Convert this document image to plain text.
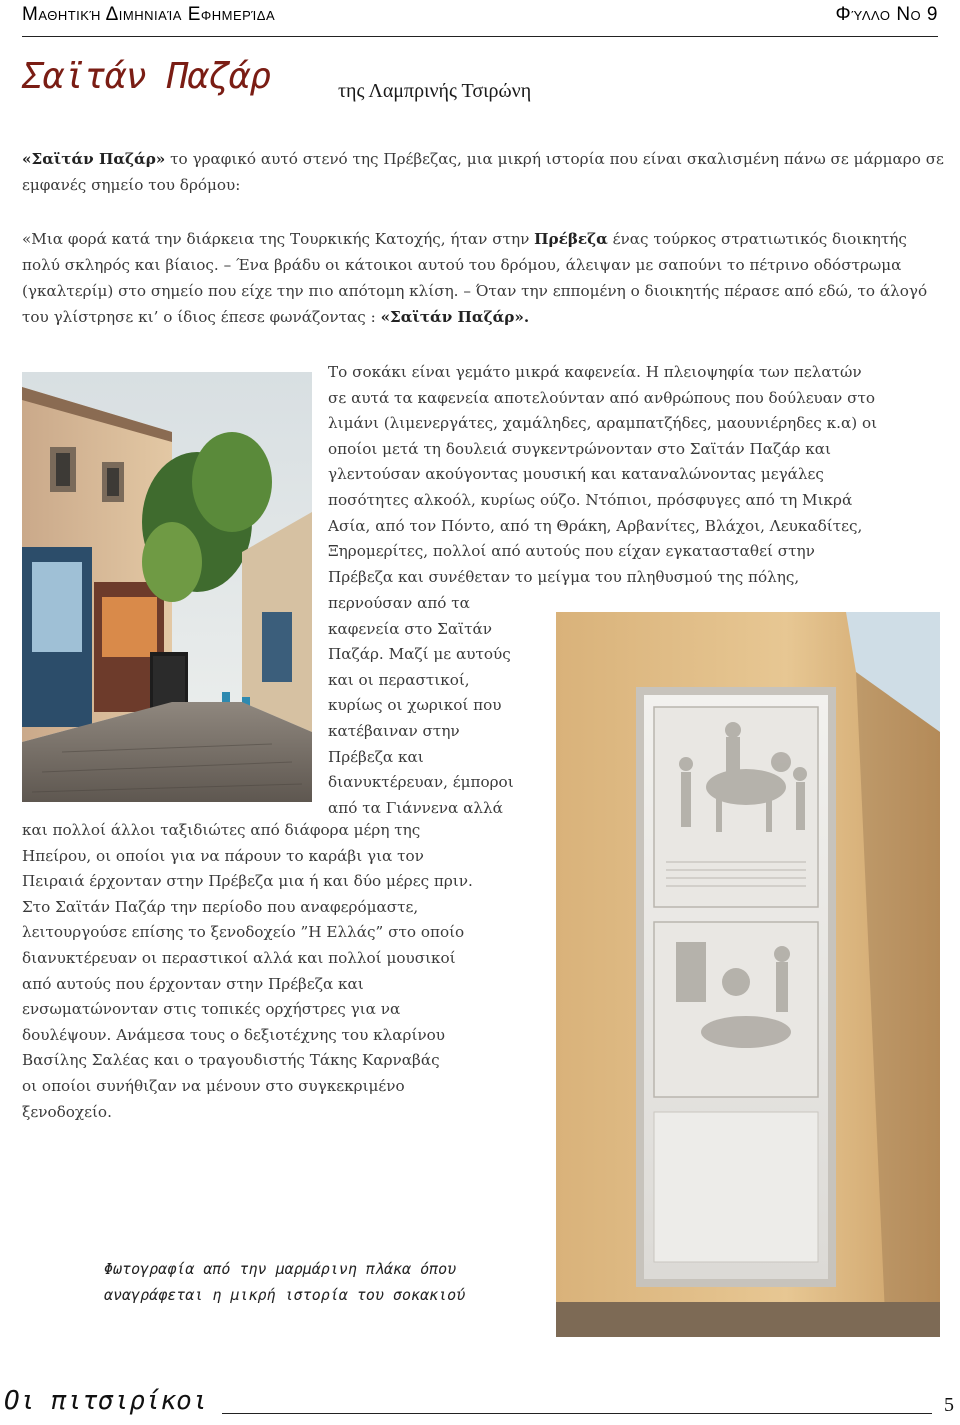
Μαθητική Διμηνιαία Εφημερίδα	Φύλλο Νο 9
Σαϊτάν Παζάρ	της Λαμπρινής Τσιρώνη
«Σαϊτάν Παζάρ» το γραφικό αυτό στενό της Πρέβεζας, μια μικρή ιστορία που είναι σκαλισμένη πάνω σε μάρμαρο σε εμφανές σημείο του δρόμου:
«Μια φορά κατά την διάρκεια της Τουρκικής Κατοχής, ήταν στην Πρέβεζα ένας τούρκος στρατιωτικός διοικητής πολύ σκληρός και βίαιος. – Ένα βράδυ οι κάτοικοι αυτού του δρόμου, άλειψαν με σαπούνι το πέτρινο οδόστρωμα (γκαλτερίμ) στο σημείο που είχε την πιο απότομη κλίση. – Όταν την εππομένη ο διοικητής πέρασε από εδώ, το άλογό του γλίστρησε κι’ ο ίδιος έπεσε φωνάζοντας : «Σαϊτάν Παζάρ».
Το σοκάκι είναι γεμάτο μικρά καφενεία. Η πλειοψηφία των πελατών
σε αυτά τα καφενεία αποτελούνταν από ανθρώπους που δούλευαν στο
λιμάνι (λιμενεργάτες, χαμάληδες, αραμπατζήδες, μαουνιέρηδες κ.α) οι
οποίοι μετά τη δουλειά συγκεντρώνονταν στο Σαϊτάν Παζάρ και
γλεντούσαν ακούγοντας μουσική και καταναλώνοντας μεγάλες
ποσότητες αλκοόλ, κυρίως ούζο. Ντόπιοι, πρόσφυγες από τη Μικρά
Ασία, από τον Πόντο, από τη Θράκη, Αρβανίτες, Βλάχοι, Λευκαδίτες,
Ξηρομερίτες, πολλοί από αυτούς που είχαν εγκατασταθεί στην
Πρέβεζα και συνέθεταν το μείγμα του πληθυσμού της πόλης,
περνούσαν από τα
καφενεία στο Σαϊτάν
Παζάρ. Μαζί με αυτούς
και οι περαστικοί,
κυρίως οι χωρικοί που
κατέβαιναν στην
Πρέβεζα και
διανυκτέρευαν, έμποροι
από τα Γιάννενα αλλά
και πολλοί άλλοι ταξιδιώτες από διάφορα μέρη της
Ηπείρου, οι οποίοι για να πάρουν το καράβι για τον
Πειραιά έρχονταν στην Πρέβεζα μια ή και δύο μέρες πριν.
Στο Σαϊτάν Παζάρ την περίοδο που αναφερόμαστε,
λειτουργούσε επίσης το ξενοδοχείο ”Η Ελλάς” στο οποίο
διανυκτέρευαν οι περαστικοί αλλά και πολλοί μουσικοί
από αυτούς που έρχονταν στην Πρέβεζα και
ενσωματώνονταν στις τοπικές ορχήστρες για να
δουλέψουν. Ανάμεσα τους ο δεξιοτέχνης του κλαρίνου
Βασίλης Σαλέας και ο τραγουδιστής Τάκης Καρναβάς
οι οποίοι συνήθιζαν να μένουν στο συγκεκριμένο
ξενοδοχείο.
Φωτογραφία από την μαρμάρινη πλάκα όπου
αναγράφεται η μικρή ιστορία του σοκακιού
Οι πιτσιρίκοι	5
